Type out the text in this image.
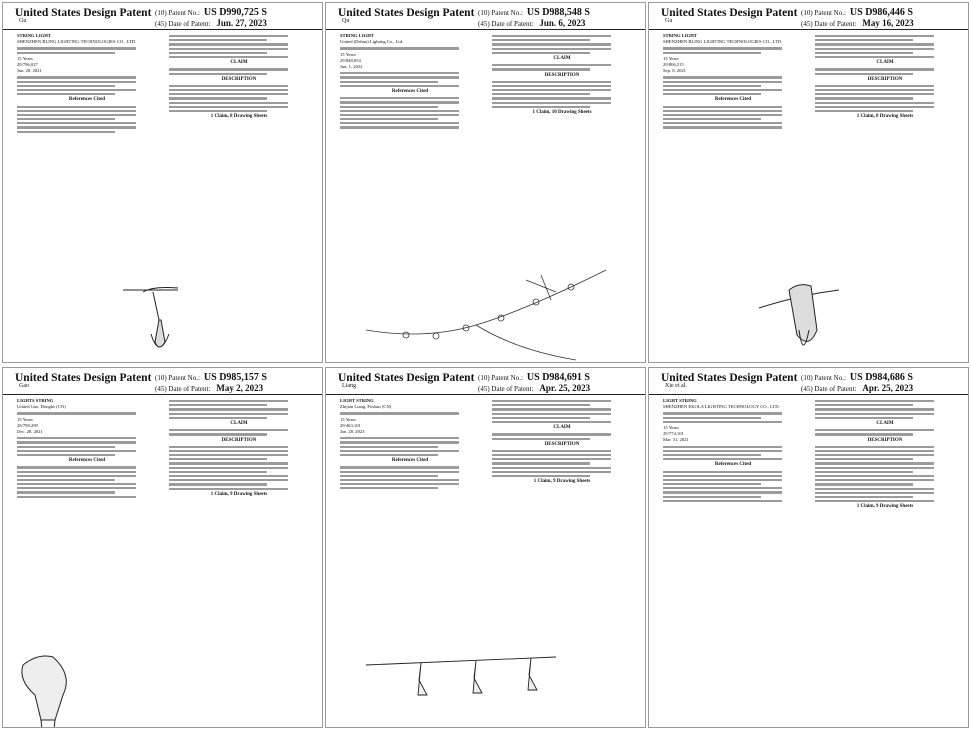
United States Design Patent
Gu
(10) Patent No.: US D990,725 S
(45) Date of Patent: Jun. 27, 2023
STRING LIGHT
SHENZHEN BLING LIGHTING TECHNOLOGIES CO., LTD.
15 Years
29/796,027
Jun. 28, 2021
References Cited
CLAIM
DESCRIPTION
1 Claim, 8 Drawing Sheets
United States Design Patent
Qu
(10) Patent No.: US D988,548 S
(45) Date of Patent: Jun. 6, 2023
STRING LIGHT
United (Dahua) Lighting Co., Ltd.
15 Years
29/848,854
Jun. 1, 2022
References Cited
CLAIM
DESCRIPTION
1 Claim, 10 Drawing Sheets
United States Design Patent
Gu
(10) Patent No.: US D986,446 S
(45) Date of Patent: May 16, 2023
STRING LIGHT
SHENZHEN BLING LIGHTING TECHNOLOGIES CO., LTD.
15 Years
29/806,515
Sep. 8, 2021
References Cited
CLAIM
DESCRIPTION
1 Claim, 8 Drawing Sheets
United States Design Patent
Gao
(10) Patent No.: US D985,157 S
(45) Date of Patent: May 2, 2023
LIGHTS STRING
United Gao, Donghe (CN)
15 Years
29/798,299
Dec. 28, 2021
References Cited
CLAIM
DESCRIPTION
1 Claim, 9 Drawing Sheets
United States Design Patent
Liang
(10) Patent No.: US D984,691 S
(45) Date of Patent: Apr. 25, 2023
LIGHT STRING
Zhijian Liang, Foshan (CN)
15 Years
29/463,101
Jan. 28, 2023
References Cited
CLAIM
DESCRIPTION
1 Claim, 9 Drawing Sheets
United States Design Patent
Xie et al.
(10) Patent No.: US D984,686 S
(45) Date of Patent: Apr. 25, 2023
LIGHT STRING
SHENZHEN EKOLA LIGHTING TECHNOLOGY CO., LTD.
15 Years
29/774,101
Mar. 31, 2021
References Cited
CLAIM
DESCRIPTION
1 Claim, 9 Drawing Sheets
